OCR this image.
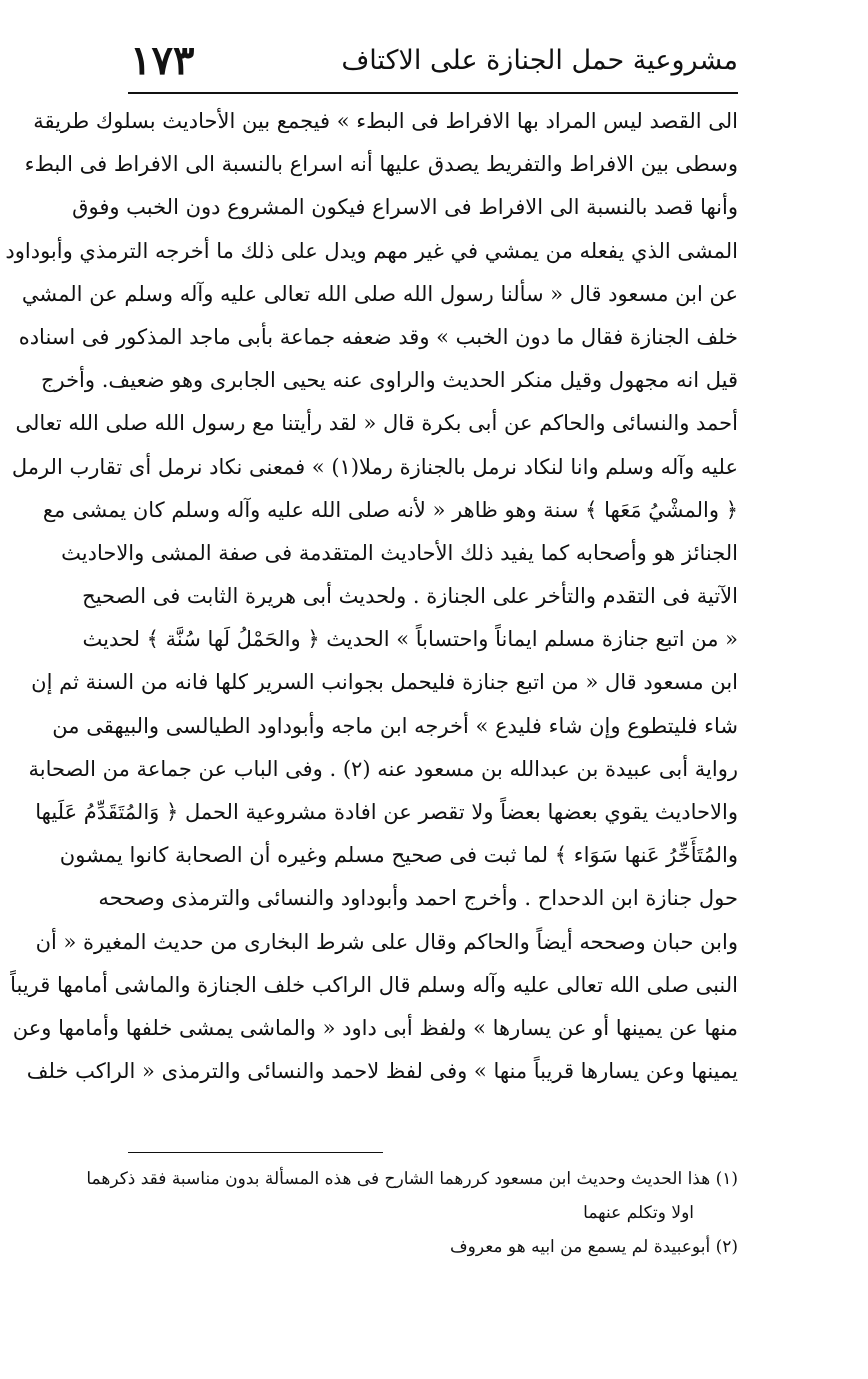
مشروعية حمل الجنازة على الاكتاف
١٧٣
الى القصد ليس المراد بها الافراط فى البطء » فيجمع بين الأحاديث بسلوك طريقة
وسطى بين الافراط والتفريط يصدق عليها أنه اسراع بالنسبة الى الافراط فى البطء
وأنها قصد بالنسبة الى الافراط فى الاسراع فيكون المشروع دون الخبب وفوق
المشى الذي يفعله من يمشي في غير مهم ويدل على ذلك ما أخرجه الترمذي وأبوداود
عن ابن مسعود قال « سألنا رسول الله صلى الله تعالى عليه وآله وسلم عن المشي
خلف الجنازة فقال ما دون الخبب » وقد ضعفه جماعة بأبى ماجد المذكور فى اسناده
قيل انه مجهول وقيل منكر الحديث والراوى عنه يحيى الجابرى وهو ضعيف. وأخرج
أحمد والنسائى والحاكم عن أبى بكرة قال « لقد رأيتنا مع رسول الله صلى الله تعالى
عليه وآله وسلم وانا لنكاد نرمل بالجنازة رملا(١) » فمعنى نكاد نرمل أى تقارب الرمل
﴿ والمشْيُ مَعَها ﴾ سنة وهو ظاهر « لأنه صلى الله عليه وآله وسلم كان يمشى مع
الجنائز هو وأصحابه كما يفيد ذلك الأحاديث المتقدمة فى صفة المشى والاحاديث
الآتية فى التقدم والتأخر على الجنازة . ولحديث أبى هريرة الثابت فى الصحيح
« من اتبع جنازة مسلم ايماناً واحتساباً » الحديث ﴿ والحَمْلُ لَها سُنَّة ﴾ لحديث
ابن مسعود قال « من اتبع جنازة فليحمل بجوانب السرير كلها فانه من السنة ثم إن
شاء فليتطوع وإن شاء فليدع » أخرجه ابن ماجه وأبوداود الطيالسى والبيهقى من
رواية أبى عبيدة بن عبدالله بن مسعود عنه (٢) . وفى الباب عن جماعة من الصحابة
والاحاديث يقوي بعضها بعضاً ولا تقصر عن افادة مشروعية الحمل ﴿ وَالمُتَقَدِّمُ عَلَيها
والمُتَأَخِّرُ عَنها سَوَاء ﴾ لما ثبت فى صحيح مسلم وغيره أن الصحابة كانوا يمشون
حول جنازة ابن الدحداح . وأخرج احمد وأبوداود والنسائى والترمذى وصححه
وابن حبان وصححه أيضاً والحاكم وقال على شرط البخارى من حديث المغيرة « أن
النبى صلى الله تعالى عليه وآله وسلم قال الراكب خلف الجنازة والماشى أمامها قريباً
منها عن يمينها أو عن يسارها » ولفظ أبى داود « والماشى يمشى خلفها وأمامها وعن
يمينها وعن يسارها قريباً منها » وفى لفظ لاحمد والنسائى والترمذى « الراكب خلف
(١) هذا الحديث وحديث ابن مسعود كررهما الشارح فى هذه المسألة بدون مناسبة فقد ذكرهما
اولا وتكلم عنهما
(٢) أبوعبيدة لم يسمع من ابيه هو معروف
